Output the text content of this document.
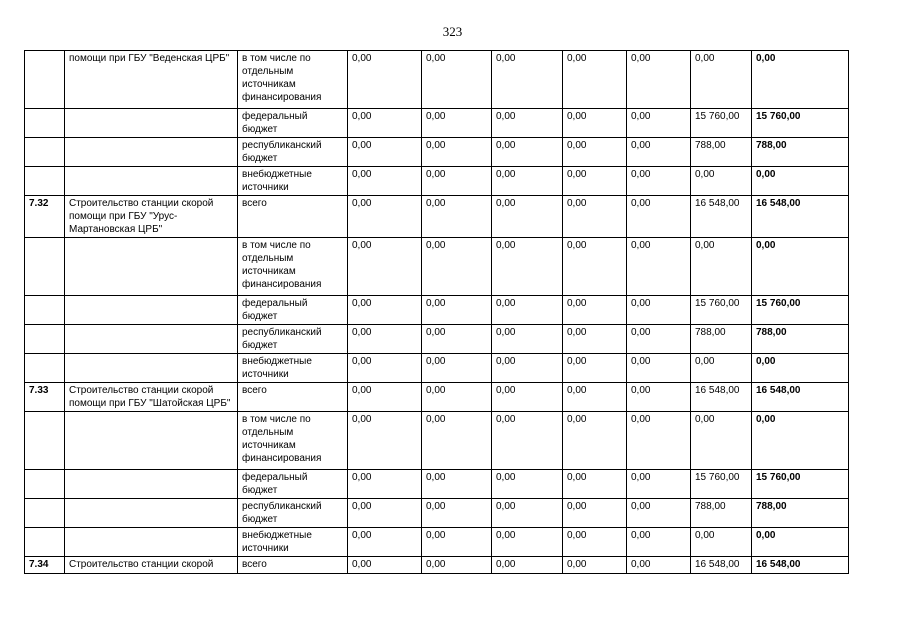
323
	помощи при ГБУ "Веденская ЦРБ"	в том числе по отдельным источникам финансирования	0,00	0,00	0,00	0,00	0,00	0,00	0,00
		федеральный бюджет	0,00	0,00	0,00	0,00	0,00	15 760,00	15 760,00
		республиканский бюджет	0,00	0,00	0,00	0,00	0,00	788,00	788,00
		внебюджетные источники	0,00	0,00	0,00	0,00	0,00	0,00	0,00
7.32	Строительство станции скорой помощи при ГБУ "Урус-Мартановская ЦРБ"	всего	0,00	0,00	0,00	0,00	0,00	16 548,00	16 548,00
		в том числе по отдельным источникам финансирования	0,00	0,00	0,00	0,00	0,00	0,00	0,00
		федеральный бюджет	0,00	0,00	0,00	0,00	0,00	15 760,00	15 760,00
		республиканский бюджет	0,00	0,00	0,00	0,00	0,00	788,00	788,00
		внебюджетные источники	0,00	0,00	0,00	0,00	0,00	0,00	0,00
7.33	Строительство станции скорой помощи при ГБУ "Шатойская ЦРБ"	всего	0,00	0,00	0,00	0,00	0,00	16 548,00	16 548,00
		в том числе по отдельным источникам финансирования	0,00	0,00	0,00	0,00	0,00	0,00	0,00
		федеральный бюджет	0,00	0,00	0,00	0,00	0,00	15 760,00	15 760,00
		республиканский бюджет	0,00	0,00	0,00	0,00	0,00	788,00	788,00
		внебюджетные источники	0,00	0,00	0,00	0,00	0,00	0,00	0,00
7.34	Строительство станции скорой	всего	0,00	0,00	0,00	0,00	0,00	16 548,00	16 548,00
